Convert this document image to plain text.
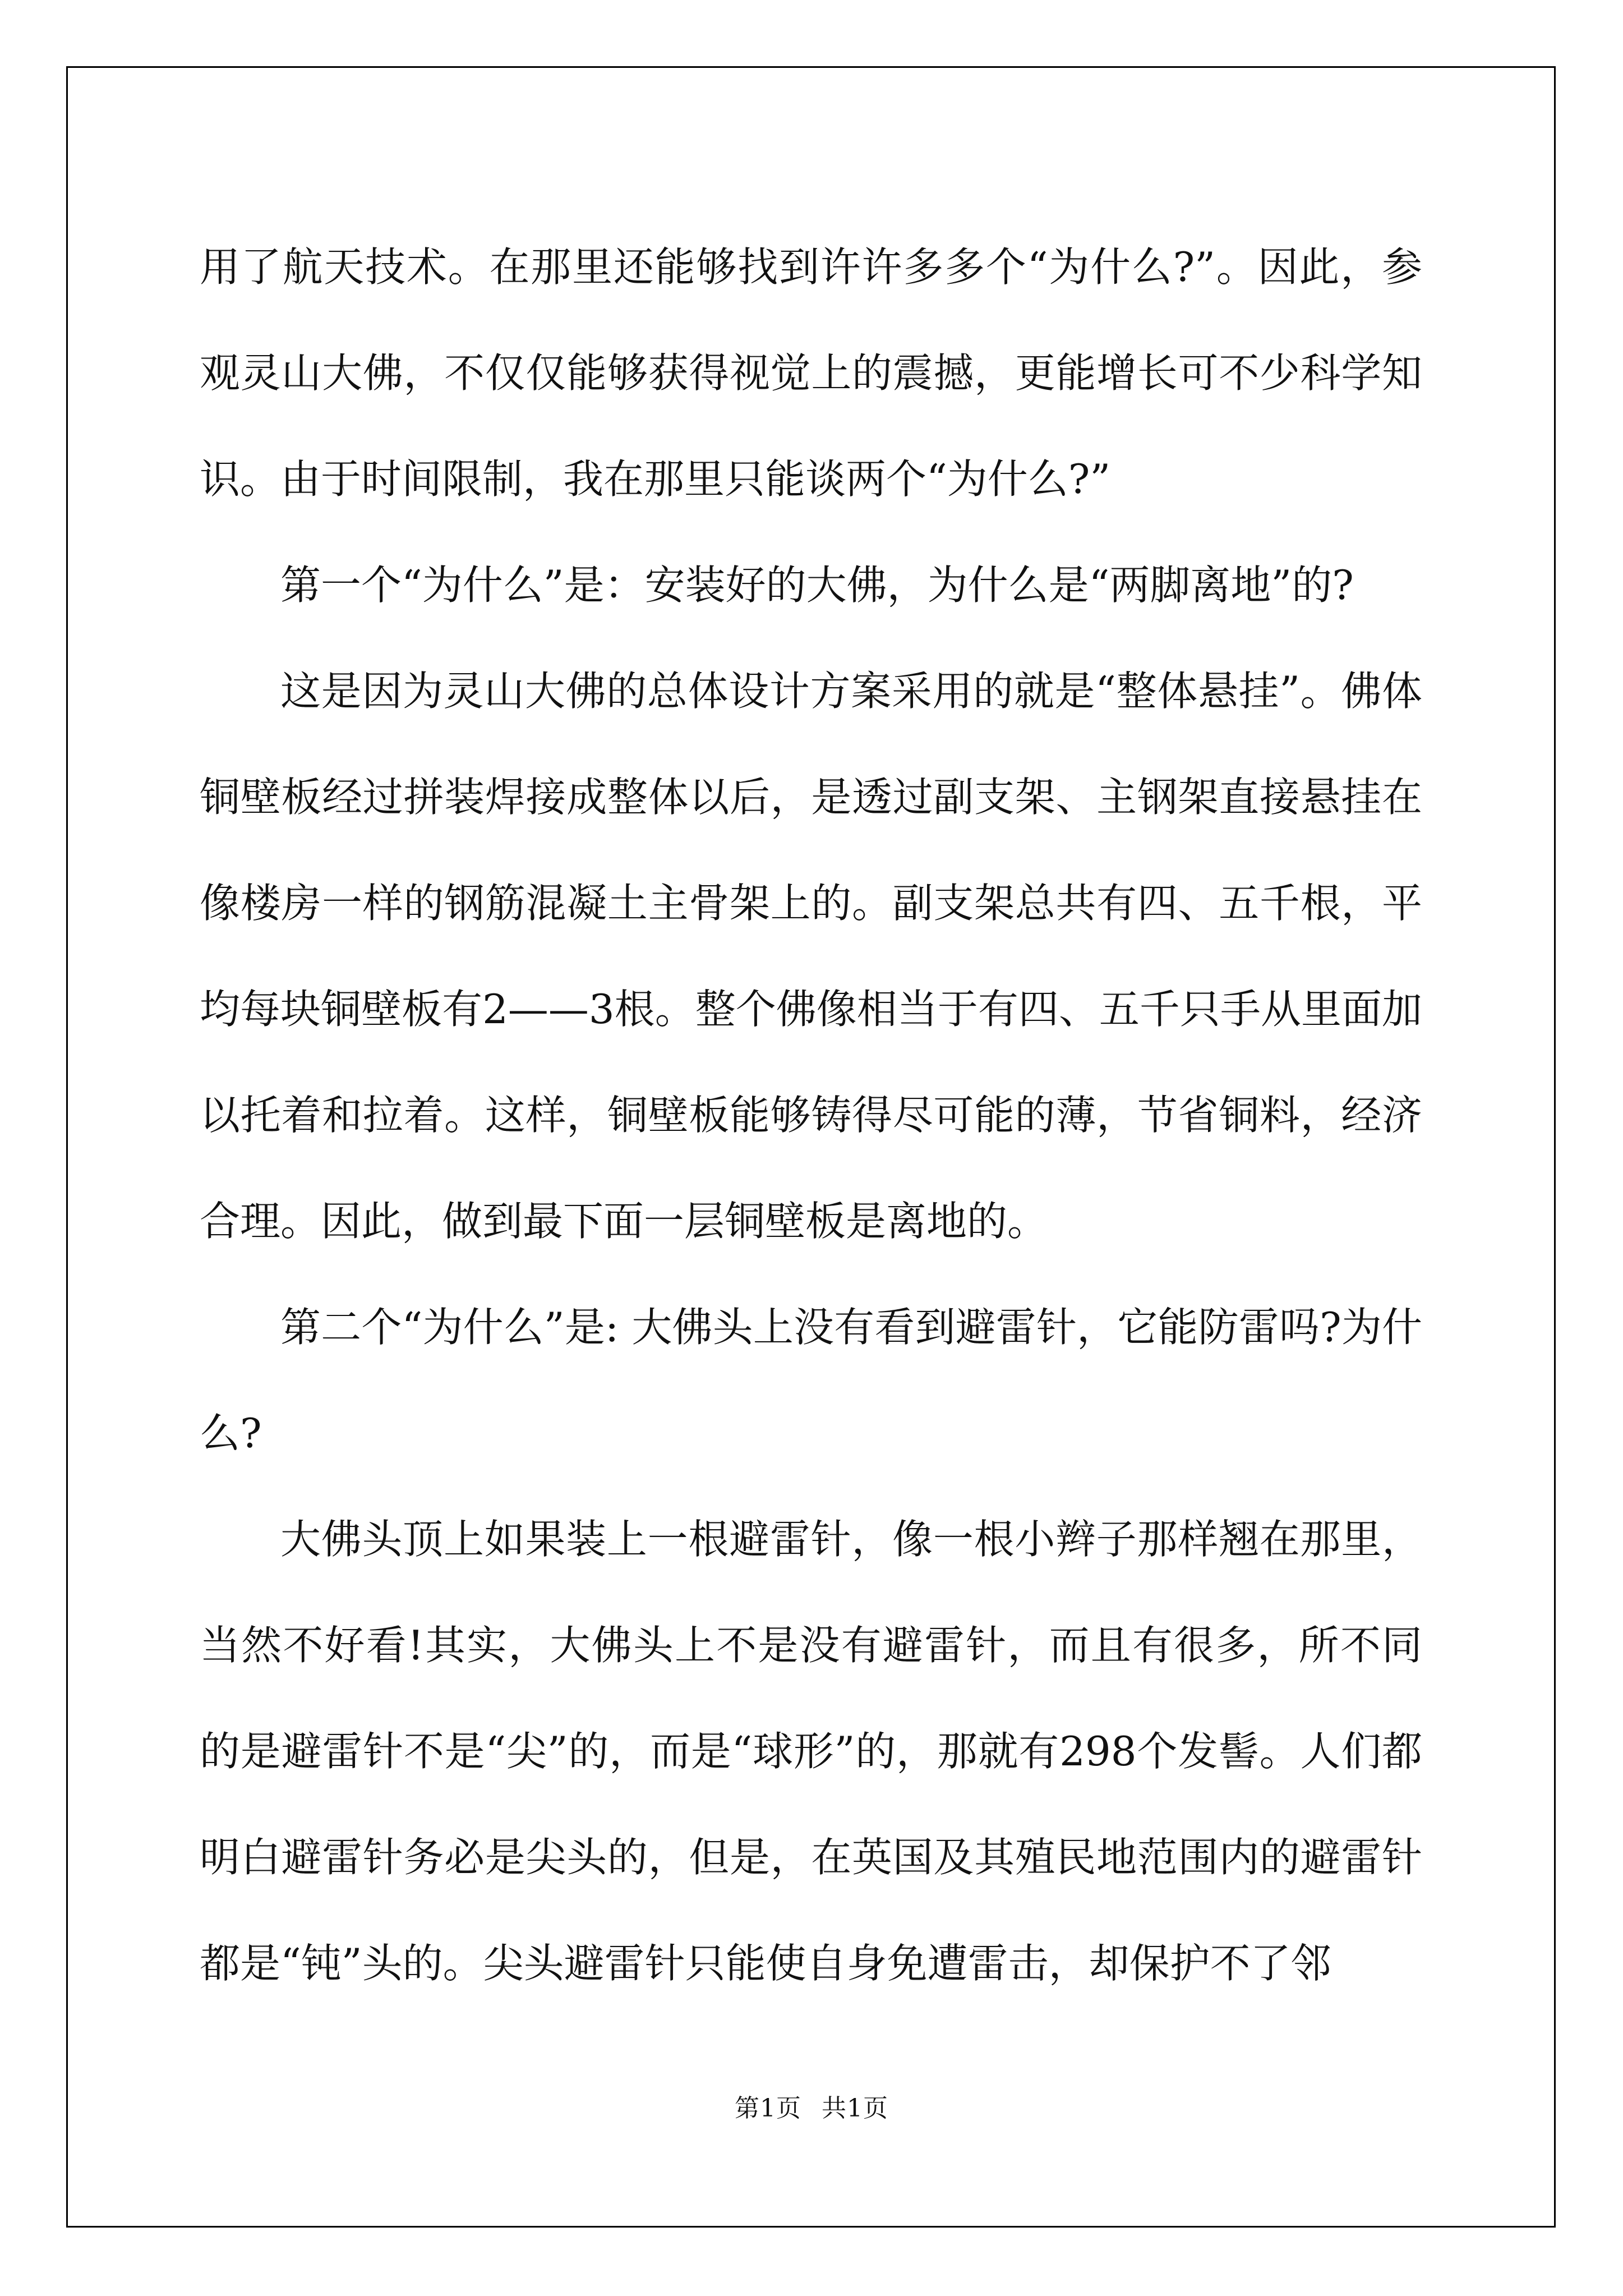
用了航天技术。在那里还能够找到许许多多个“为什么?”。因此，参观灵山大佛，不仅仅能够获得视觉上的震撼，更能增长可不少科学知识。由于时间限制，我在那里只能谈两个“为什么?”

第一个“为什么”是：安装好的大佛，为什么是“两脚离地”的?

这是因为灵山大佛的总体设计方案采用的就是“整体悬挂”。佛体铜壁板经过拼装焊接成整体以后，是透过副支架、主钢架直接悬挂在像楼房一样的钢筋混凝土主骨架上的。副支架总共有四、五千根，平均每块铜壁板有2——3根。整个佛像相当于有四、五千只手从里面加以托着和拉着。这样，铜壁板能够铸得尽可能的薄，节省铜料，经济合理。因此，做到最下面一层铜壁板是离地的。

第二个“为什么”是: 大佛头上没有看到避雷针，它能防雷吗?为什么?

大佛头顶上如果装上一根避雷针，像一根小辫子那样翘在那里，当然不好看!其实，大佛头上不是没有避雷针，而且有很多，所不同的是避雷针不是“尖”的，而是“球形”的，那就有298个发髻。人们都明白避雷针务必是尖头的，但是，在英国及其殖民地范围内的避雷针都是“钝”头的。尖头避雷针只能使自身免遭雷击，却保护不了邻

第1页 共1页
